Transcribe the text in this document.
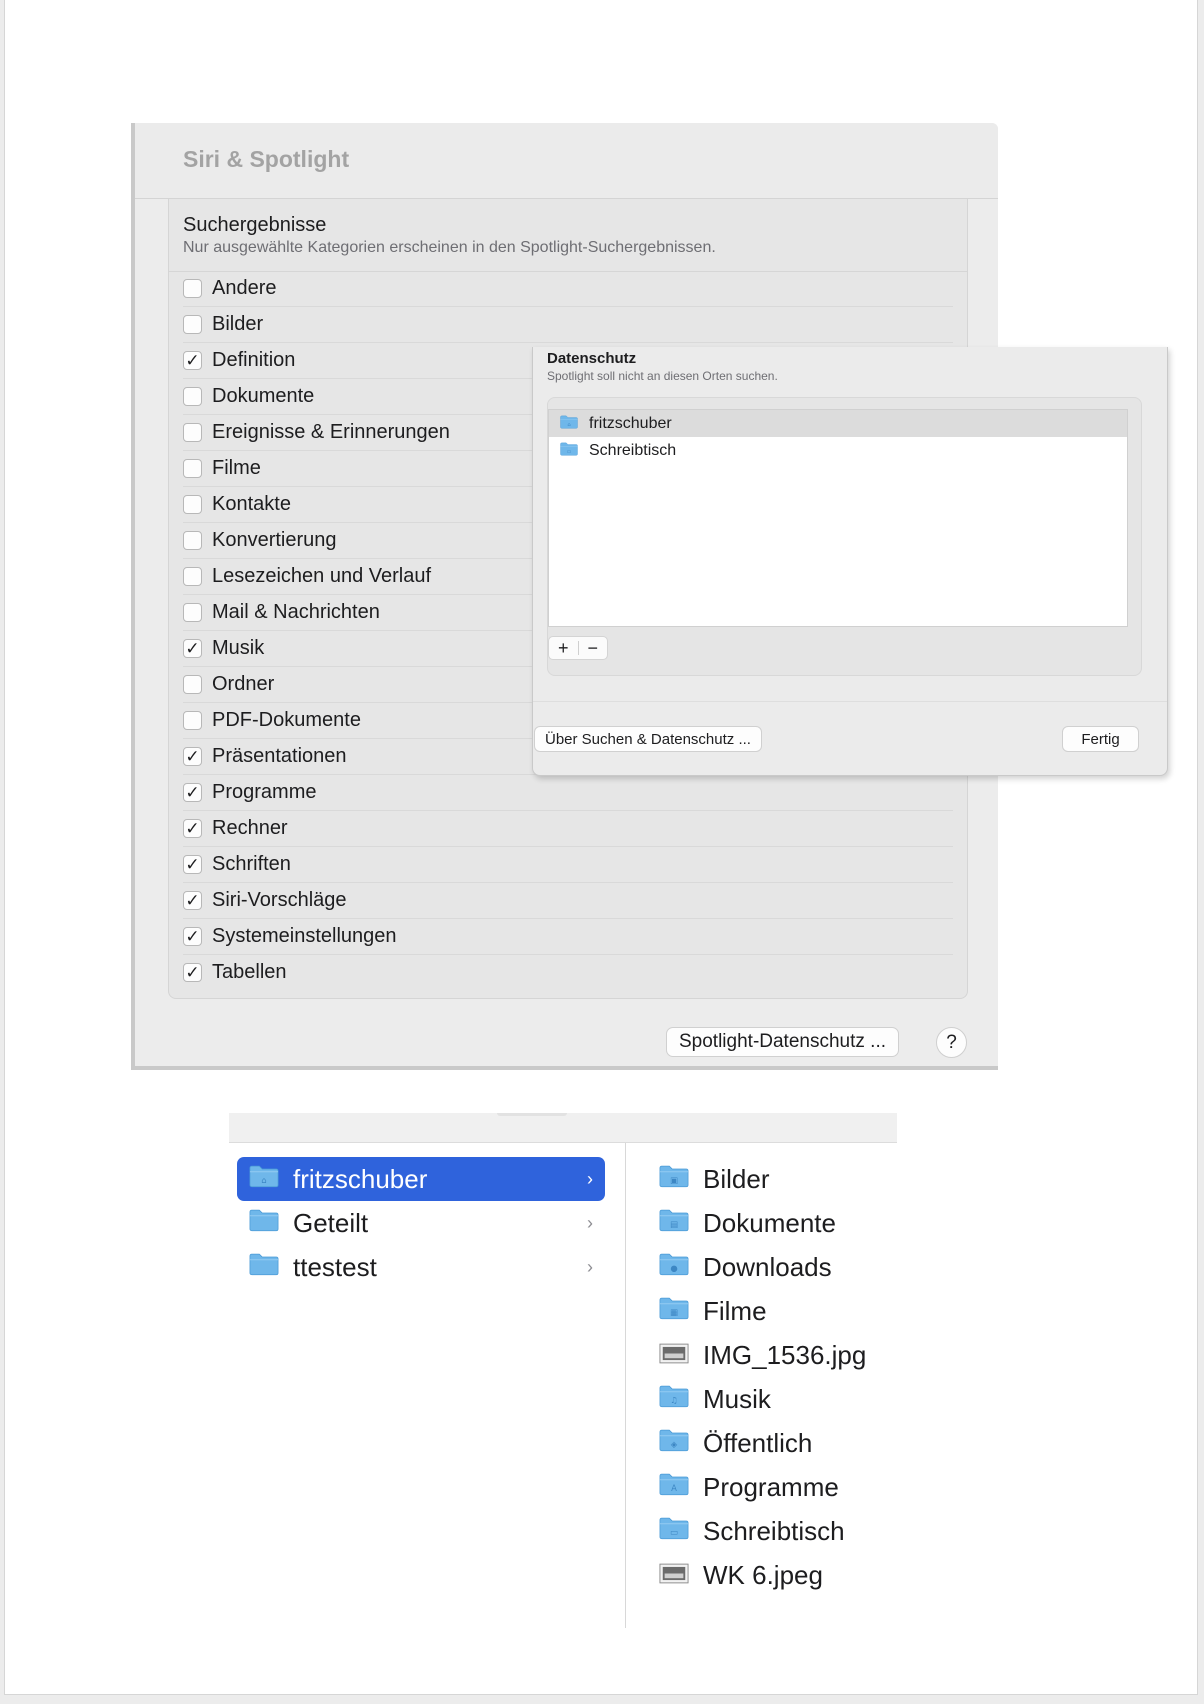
Siri & Spotlight
Suchergebnisse
Nur ausgewählte Kategorien erscheinen in den Spotlight-Suchergebnissen.
Andere
Bilder
✓ Definition
Dokumente
Ereignisse & Erinnerungen
Filme
Kontakte
Konvertierung
Lesezeichen und Verlauf
Mail & Nachrichten
✓ Musik
Ordner
PDF-Dokumente
✓ Präsentationen
✓ Programme
✓ Rechner
✓ Schriften
✓ Siri-Vorschläge
✓ Systemeinstellungen
✓ Tabellen
Spotlight-Datenschutz ...	?
Datenschutz
Spotlight soll nicht an diesen Orten suchen.
⌂ fritzschuber
▭ Schreibtisch
+	−
Über Suchen & Datenschutz ...	Fertig
⌂ fritzschuber	›
Geteilt	›
ttestest	›
▣ Bilder
▤ Dokumente
● Downloads
▦ Filme
IMG_1536.jpg
♫ Musik
◈ Öffentlich
A Programme
▭ Schreibtisch
WK 6.jpeg
